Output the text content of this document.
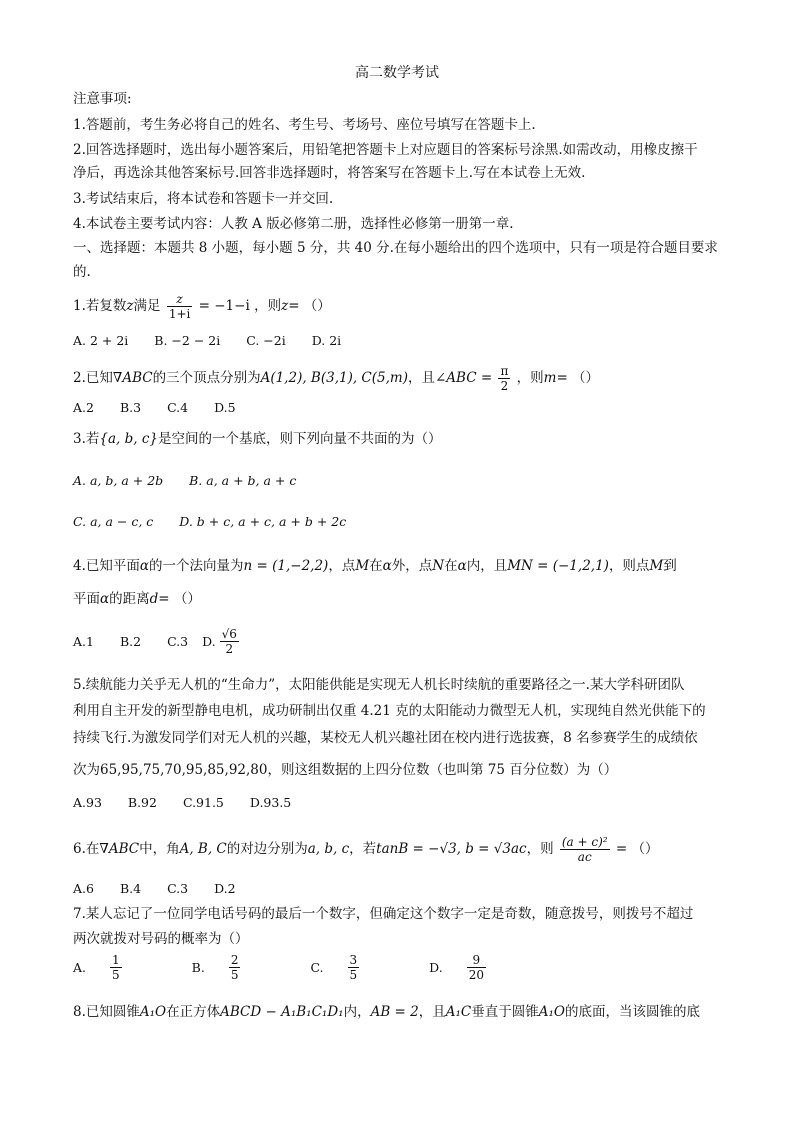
高二数学考试
注意事项:
1.答题前，考生务必将自己的姓名、考生号、考场号、座位号填写在答题卡上.
2.回答选择题时，选出每小题答案后，用铅笔把答题卡上对应题目的答案标号涂黑.如需改动，用橡皮擦干
净后，再选涂其他答案标号.回答非选择题时，将答案写在答题卡上.写在本试卷上无效.
3.考试结束后，将本试卷和答题卡一并交回.
4.本试卷主要考试内容：人教 A 版必修第二册，选择性必修第一册第一章.
一、选择题：本题共 8 小题，每小题 5 分，共 40 分.在每小题给出的四个选项中，只有一项是符合题目要求
的.
1.若复数z满足 $\frac{z}{1+i} = -1-i$ ，则z= （）
A. 2 + 2i B. −2 − 2i C. −2i D. 2i
2.已知∇ABC的三个顶点分别为A(1,2), B(3,1), C(5,m)，且∠ABC = $\frac{\pi}{2}$ ，则m= （）
A.2 B.3 C.4 D.5
3.若{a, b, c}是空间的一个基底，则下列向量不共面的为（）
A. a, b, a + 2b B. a, a + b, a + c
C. a, a − c, c D. b + c, a + c, a + b + 2c
4.已知平面α的一个法向量为n = (1,−2,2)，点M在α外，点N在α内，且MN = (−1,2,1)，则点M到
平面α的距离d= （）
A.1 B.2 C.3 D. $\frac{√6}{2}$
5.续航能力关乎无人机的“生命力”，太阳能供能是实现无人机长时续航的重要路径之一.某大学科研团队
利用自主开发的新型静电电机，成功研制出仅重 4.21 克的太阳能动力微型无人机，实现纯自然光供能下的
持续飞行.为激发同学们对无人机的兴趣，某校无人机兴趣社团在校内进行选拔赛，8 名参赛学生的成绩依
次为65,95,75,70,95,85,92,80，则这组数据的上四分位数（也叫第 75 百分位数）为（）
A.93 B.92 C.91.5 D.93.5
6.在∇ABC中，角A, B, C的对边分别为a, b, c，若tanB = −√3, b = √3ac，则 $\frac{\text{(a + c)²}}{ac}$ = （）
A.6 B.4 C.3 D.2
7.某人忘记了一位同学电话号码的最后一个数字，但确定这个数字一定是奇数，随意拨号，则拨号不超过
两次就拨对号码的概率为（）
A. $\frac{1}{5}$	B. $\frac{2}{5}$	C. $\frac{3}{5}$	D. $\frac{9}{20}$
8.已知圆锥A₁O在正方体ABCD − A₁B₁C₁D₁内，AB = 2，且A₁C垂直于圆锥A₁O的底面，当该圆锥的底
